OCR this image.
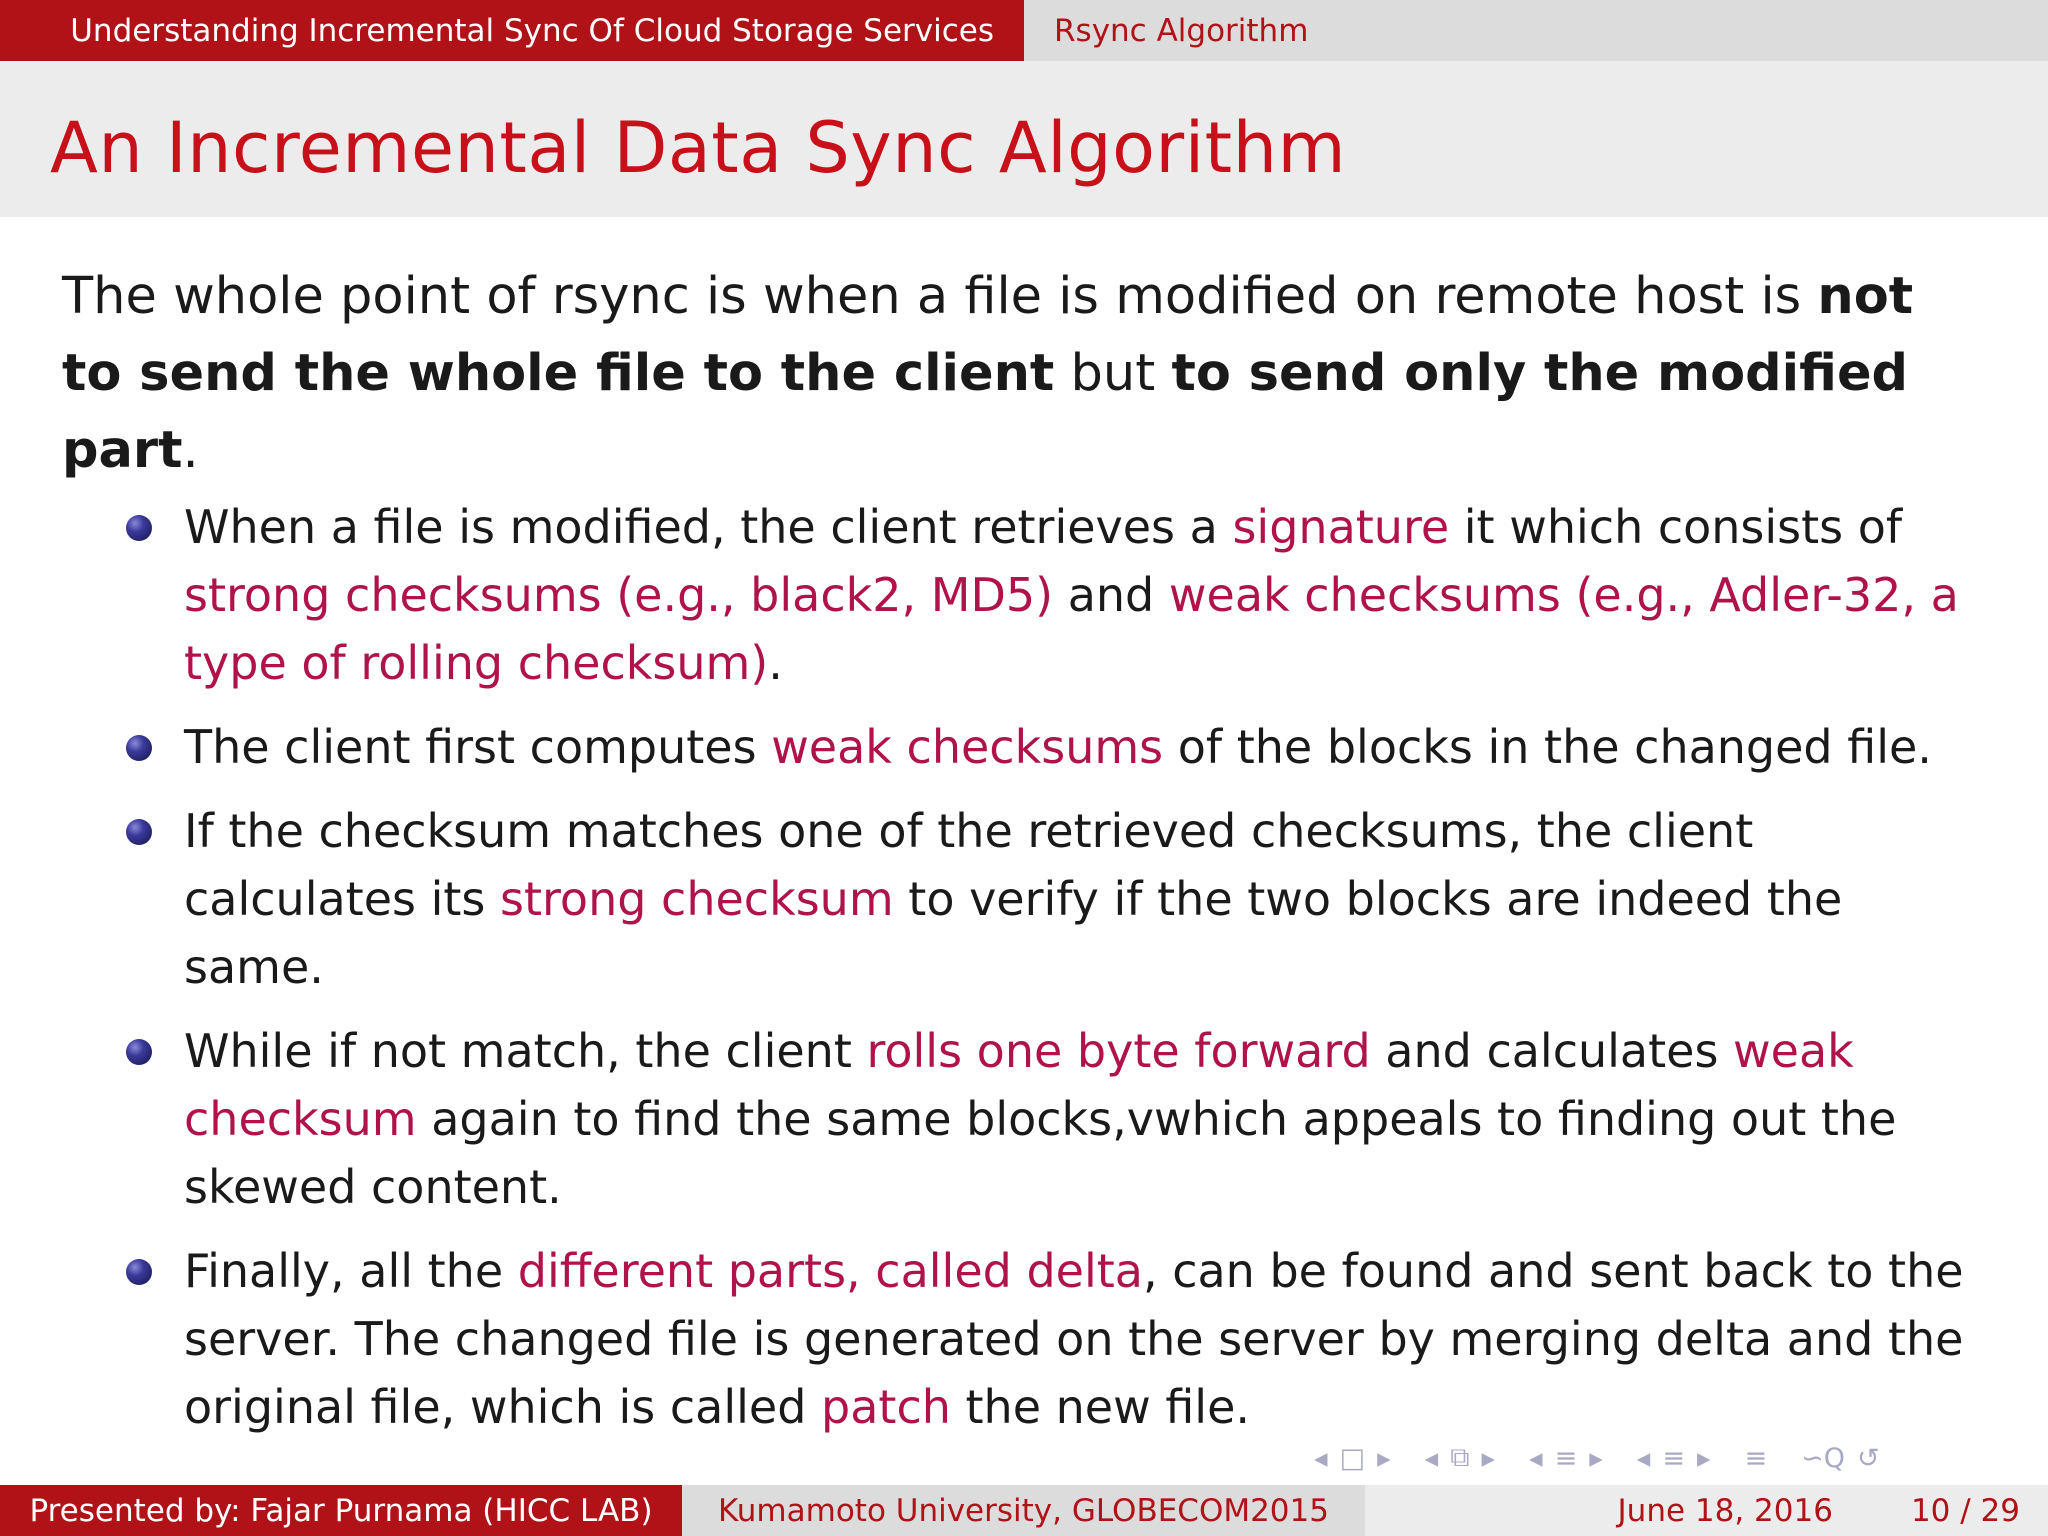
Understanding Incremental Sync Of Cloud Storage Services	Rsync Algorithm
An Incremental Data Sync Algorithm

The whole point of rsync is when a file is modified on remote host is not to send the whole file to the client but to send only the modified part.

When a file is modified, the client retrieves a signature it which consists of strong checksums (e.g., black2, MD5) and weak checksums (e.g., Adler-32, a type of rolling checksum).
The client first computes weak checksums of the blocks in the changed file.
If the checksum matches one of the retrieved checksums, the client calculates its strong checksum to verify if the two blocks are indeed the same.
While if not match, the client rolls one byte forward and calculates weak checksum again to find the same blocks,vwhich appeals to finding out the skewed content.
Finally, all the different parts, called delta, can be found and sent back to the server. The changed file is generated on the server by merging delta and the original file, which is called patch the new file.
◂ □ ▸ ◂ ⧉ ▸ ◂ ≡ ▸ ◂ ≡ ▸ ≡ ∽Q ↺
Presented by: Fajar Purnama (HICC LAB)	Kumamoto University, GLOBECOM2015	June 18, 2016	10 / 29
